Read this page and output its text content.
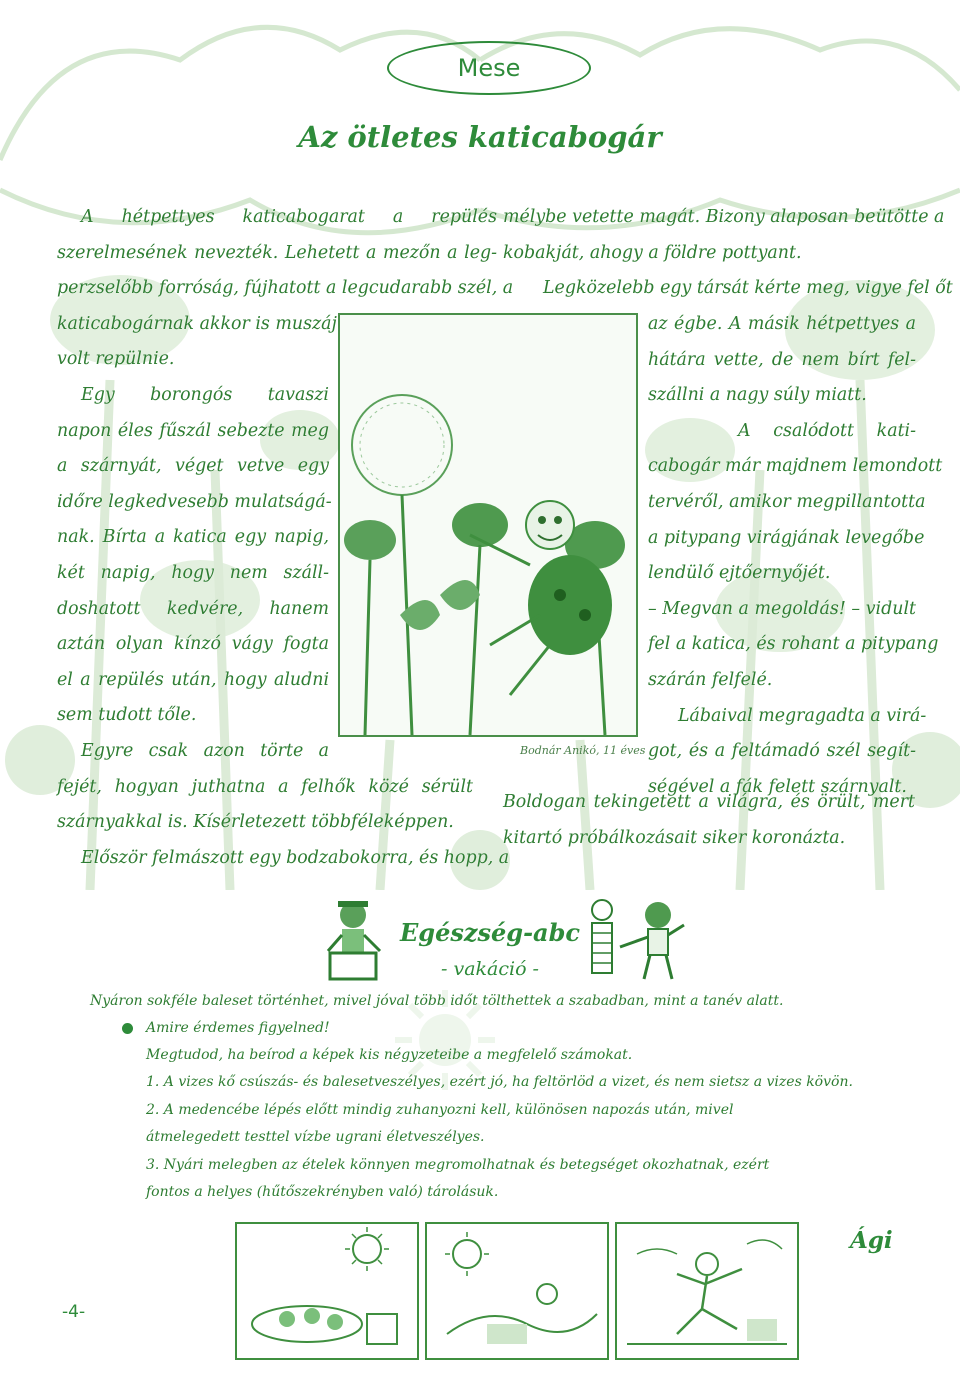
Mese
Az ötletes katicabogár
A hétpettyes katicabogarat a repülés
szerelmesének nevezték. Lehetett a mezőn a leg-
perzselőbb forróság, fújhatott a legcudarabb szél, a
katicabogárnak akkor is muszáj
volt repülnie.
Egy borongós tavaszi
napon éles fűszál sebezte meg
a szárnyát, véget vetve egy
időre legkedvesebb mulatságá-
nak. Bírta a katica egy napig,
két napig, hogy nem száll-
doshatott kedvére, hanem
aztán olyan kínzó vágy fogta
el a repülés után, hogy aludni
sem tudott tőle.
Egyre csak azon törte a
fejét, hogyan juthatna a felhők közé sérült
szárnyakkal is. Kísérletezett többféleképpen.
Először felmászott egy bodzabokorra, és hopp, a
mélybe vetette magát. Bizony alaposan beütötte a
kobakját, ahogy a földre pottyant.
Legközelebb egy társát kérte meg, vigye fel őt
az égbe. A másik hétpettyes a
hátára vette, de nem bírt fel-
szállni a nagy súly miatt.
A csalódott kati-
cabogár már majdnem lemondott
tervéről, amikor megpillantotta
a pitypang virágjának levegőbe
lendülő ejtőernyőjét.
– Megvan a megoldás! – vidult
fel a katica, és rohant a pitypang
szárán felfelé.
Lábaival megragadta a virá-
got, és a feltámadó szél segít-
ségével a fák felett szárnyalt.
Boldogan tekingetett a világra, és örült, mert
kitartó próbálkozásait siker koronázta.
Bodnár Anikó, 11 éves
Egészség-abc
- vakáció -
Nyáron sokféle baleset történhet, mivel jóval több időt tölthettek a szabadban, mint a tanév alatt.
Amire érdemes figyelned!
Megtudod, ha beírod a képek kis négyzeteibe a megfelelő számokat.
1. A vizes kő csúszás- és balesetveszélyes, ezért jó, ha feltörlöd a vizet, és nem sietsz a vizes kövön.
2. A medencébe lépés előtt mindig zuhanyozni kell, különösen napozás után, mivel
átmelegedett testtel vízbe ugrani életveszélyes.
3. Nyári melegben az ételek könnyen megromolhatnak és betegséget okozhatnak, ezért
fontos a helyes (hűtőszekrényben való) tárolásuk.
Ági
-4-
